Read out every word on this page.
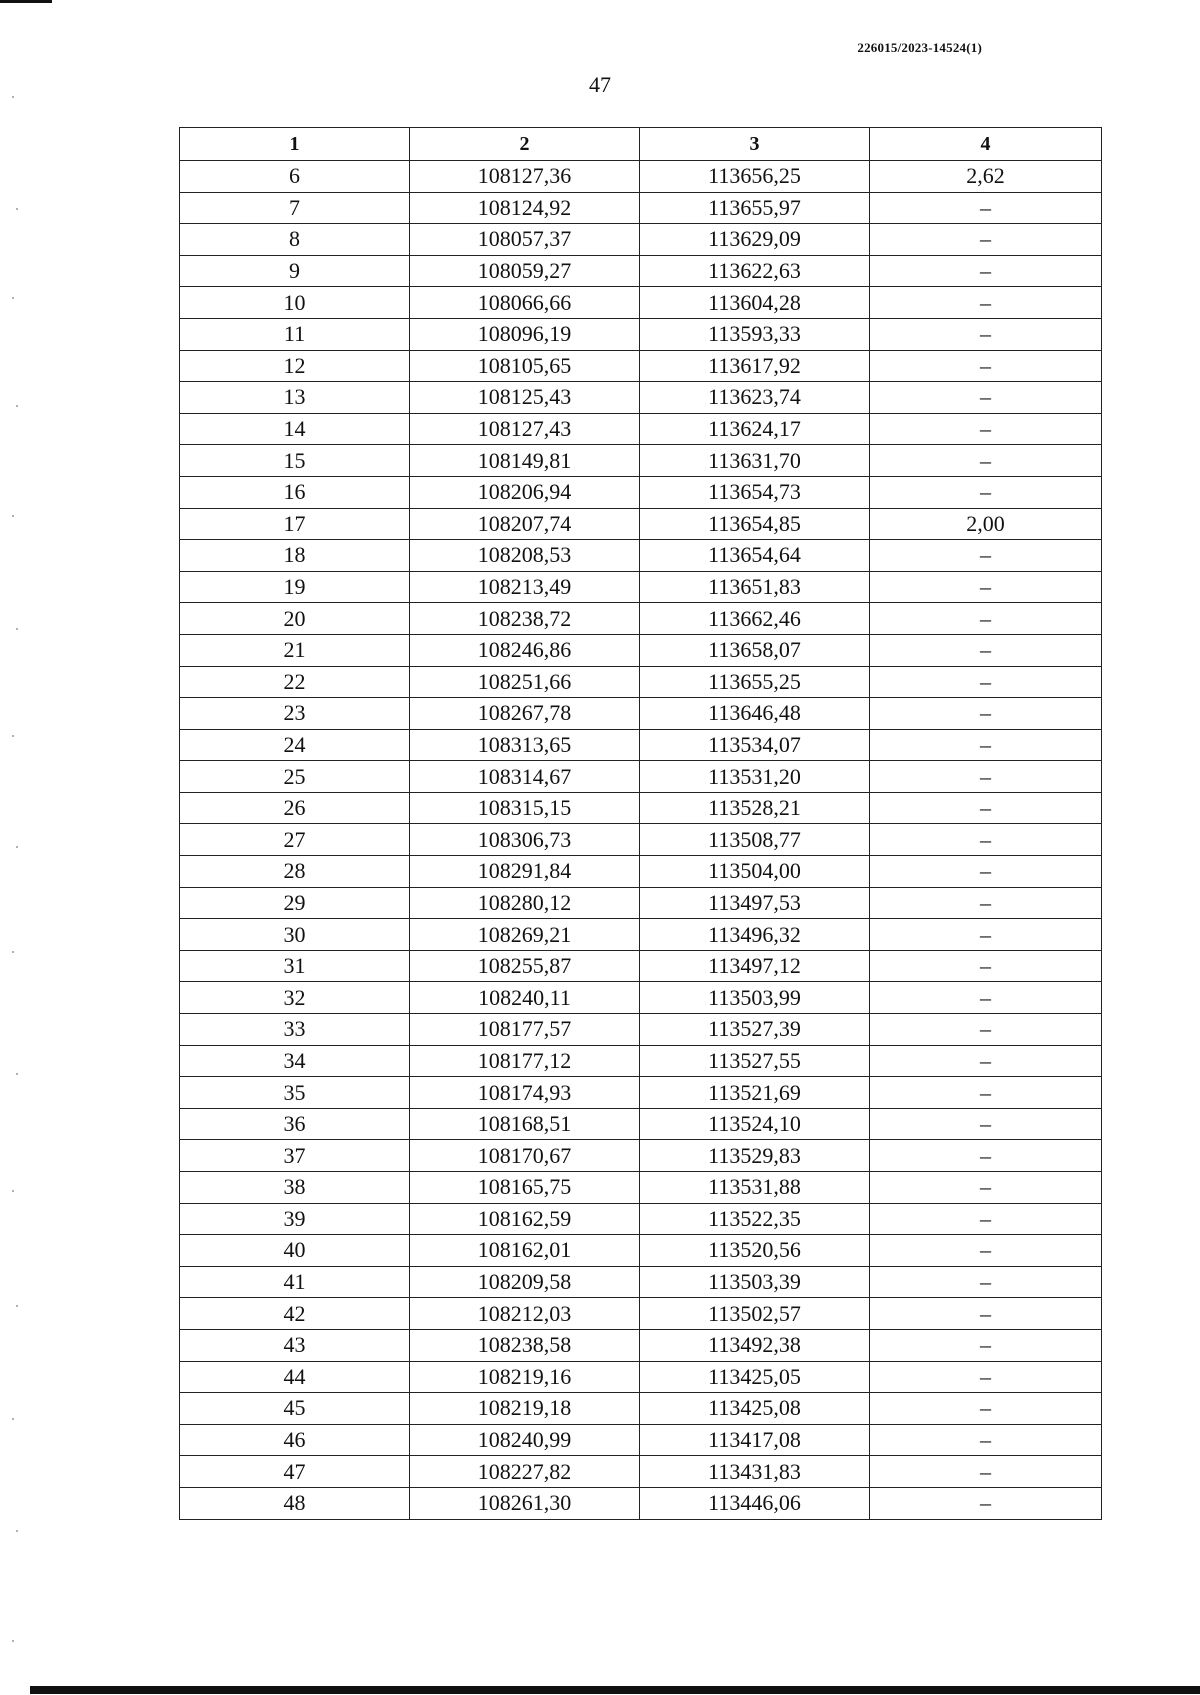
226015/2023-14524(1)
47
1	2	3	4
6	108127,36	113656,25	2,62
7	108124,92	113655,97	–
8	108057,37	113629,09	–
9	108059,27	113622,63	–
10	108066,66	113604,28	–
11	108096,19	113593,33	–
12	108105,65	113617,92	–
13	108125,43	113623,74	–
14	108127,43	113624,17	–
15	108149,81	113631,70	–
16	108206,94	113654,73	–
17	108207,74	113654,85	2,00
18	108208,53	113654,64	–
19	108213,49	113651,83	–
20	108238,72	113662,46	–
21	108246,86	113658,07	–
22	108251,66	113655,25	–
23	108267,78	113646,48	–
24	108313,65	113534,07	–
25	108314,67	113531,20	–
26	108315,15	113528,21	–
27	108306,73	113508,77	–
28	108291,84	113504,00	–
29	108280,12	113497,53	–
30	108269,21	113496,32	–
31	108255,87	113497,12	–
32	108240,11	113503,99	–
33	108177,57	113527,39	–
34	108177,12	113527,55	–
35	108174,93	113521,69	–
36	108168,51	113524,10	–
37	108170,67	113529,83	–
38	108165,75	113531,88	–
39	108162,59	113522,35	–
40	108162,01	113520,56	–
41	108209,58	113503,39	–
42	108212,03	113502,57	–
43	108238,58	113492,38	–
44	108219,16	113425,05	–
45	108219,18	113425,08	–
46	108240,99	113417,08	–
47	108227,82	113431,83	–
48	108261,30	113446,06	–
